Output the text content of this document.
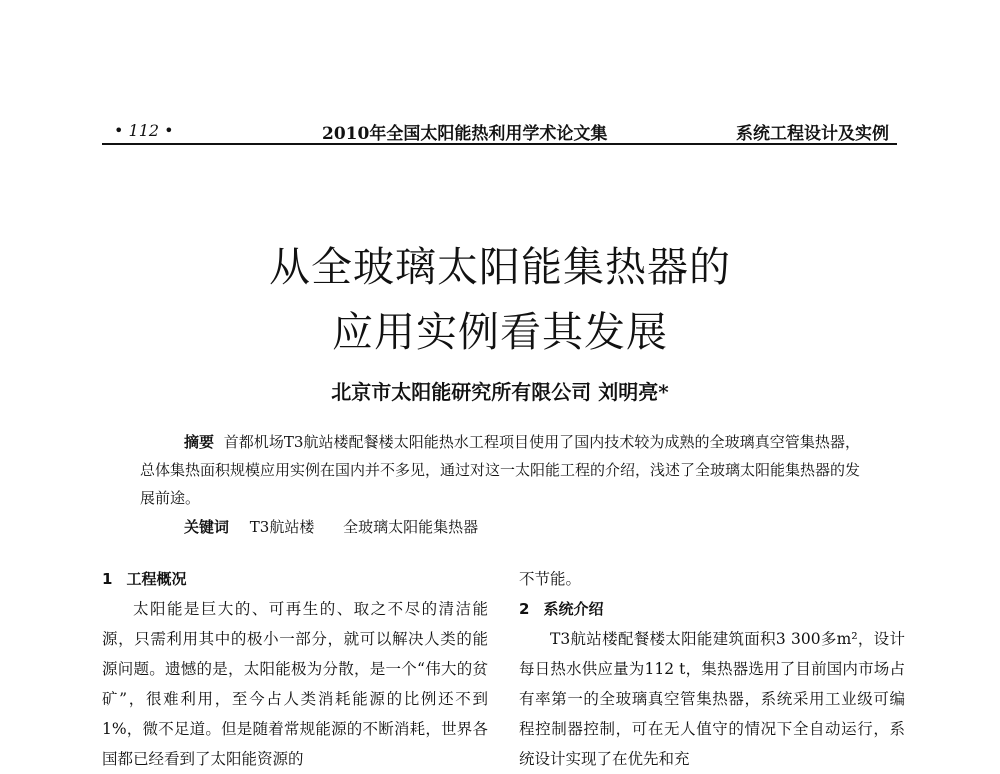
• 112 •	2010年全国太阳能热利用学术论文集	系统工程设计及实例
从全玻璃太阳能集热器的
应用实例看其发展
北京市太阳能研究所有限公司 刘明亮*
摘要 首都机场T3航站楼配餐楼太阳能热水工程项目使用了国内技术较为成熟的全玻璃真空管集热器，总体集热面积规模应用实例在国内并不多见，通过对这一太阳能工程的介绍，浅述了全玻璃太阳能集热器的发展前途。
关键词 T3航站楼 全玻璃太阳能集热器
1 工程概况
太阳能是巨大的、可再生的、取之不尽的清洁能源，只需利用其中的极小一部分，就可以解决人类的能源问题。遗憾的是，太阳能极为分散，是一个“伟大的贫矿”，很难利用，至今占人类消耗能源的比例还不到1%，微不足道。但是随着常规能源的不断消耗，世界各国都已经看到了太阳能资源的
不节能。
2 系统介绍
T3航站楼配餐楼太阳能建筑面积3 300多m²，设计每日热水供应量为112 t，集热器选用了目前国内市场占有率第一的全玻璃真空管集热器，系统采用工业级可编程控制器控制，可在无人值守的情况下全自动运行，系统设计实现了在优先和充
